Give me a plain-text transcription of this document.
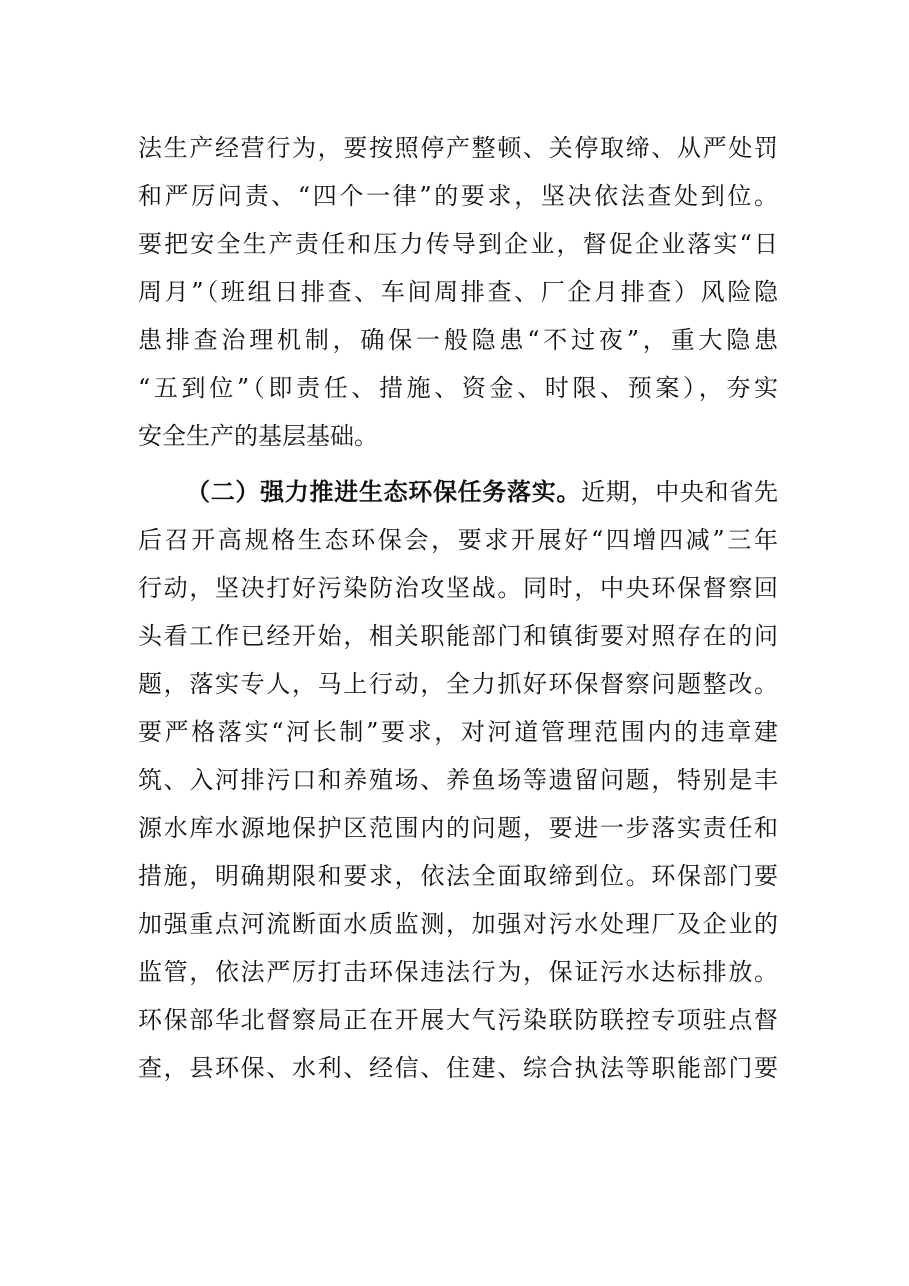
法生产经营行为，要按照停产整顿、关停取缔、从严处罚
和严厉问责、“四个一律”的要求，坚决依法查处到位。
要把安全生产责任和压力传导到企业，督促企业落实“日
周月”（班组日排查、车间周排查、厂企月排查）风险隐
患排查治理机制，确保一般隐患“不过夜”，重大隐患
“五到位”（即责任、措施、资金、时限、预案），夯实
安全生产的基层基础。
（二）强力推进生态环保任务落实。近期，中央和省先
后召开高规格生态环保会，要求开展好“四增四减”三年
行动，坚决打好污染防治攻坚战。同时，中央环保督察回
头看工作已经开始，相关职能部门和镇街要对照存在的问
题，落实专人，马上行动，全力抓好环保督察问题整改。
要严格落实“河长制”要求，对河道管理范围内的违章建
筑、入河排污口和养殖场、养鱼场等遗留问题，特别是丰
源水库水源地保护区范围内的问题，要进一步落实责任和
措施，明确期限和要求，依法全面取缔到位。环保部门要
加强重点河流断面水质监测，加强对污水处理厂及企业的
监管，依法严厉打击环保违法行为，保证污水达标排放。
环保部华北督察局正在开展大气污染联防联控专项驻点督
查，县环保、水利、经信、住建、综合执法等职能部门要
